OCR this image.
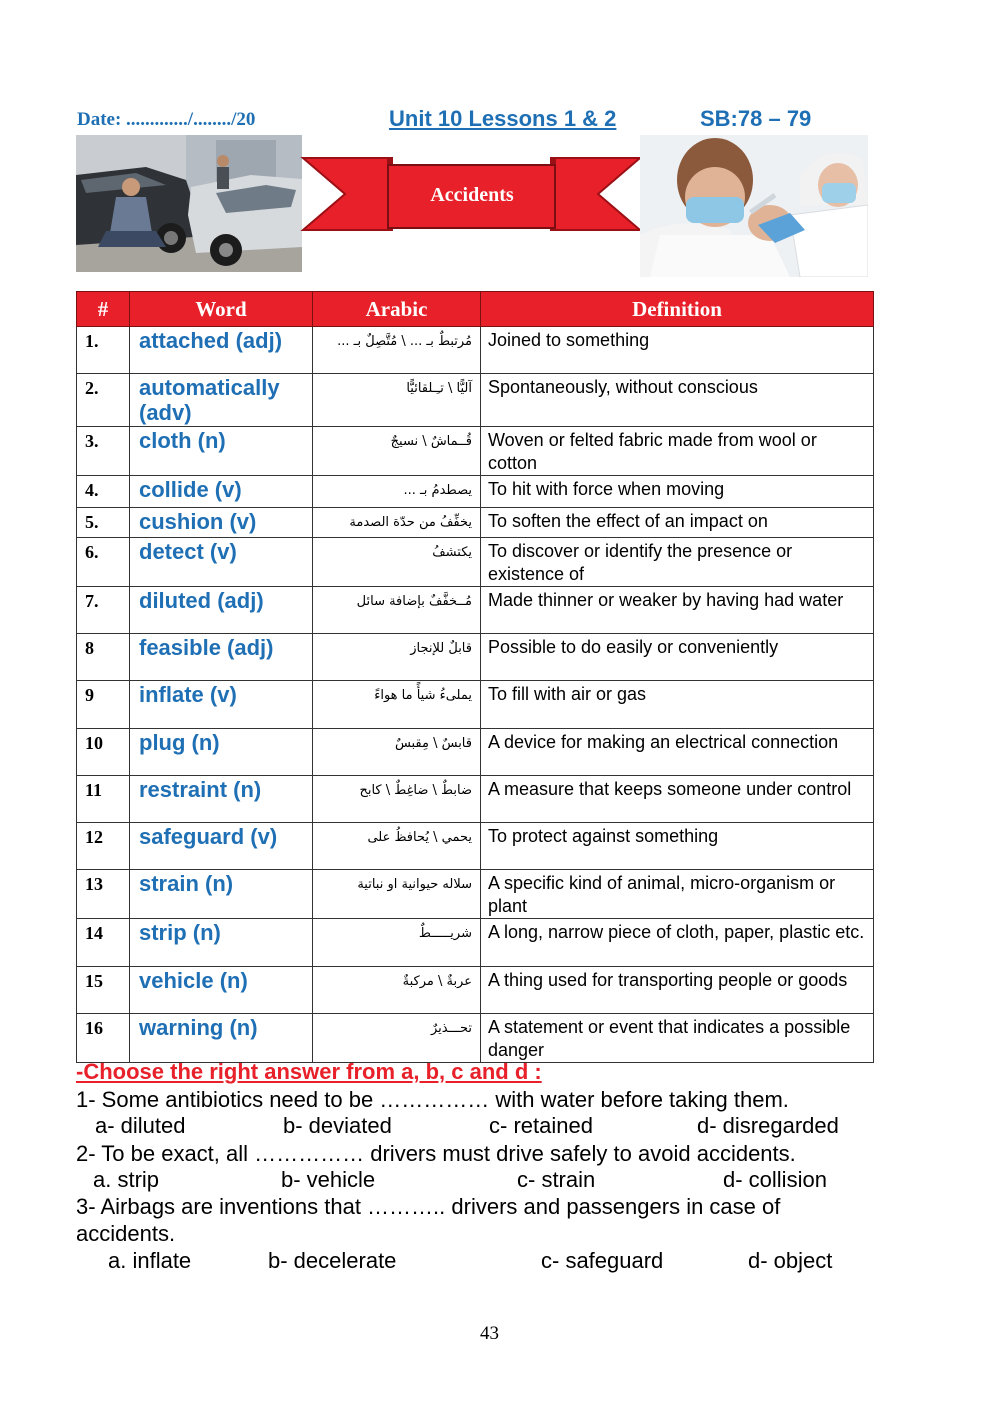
Date: ............./......../20	Unit 10 Lessons 1 & 2	SB:78 – 79
Accidents
#	Word	Arabic	Definition
1.	attached (adj)	مُرتبطٌ بـ ... \ مُتَّصِلٌ بـ ...	Joined to something
2.	automatically (adv)	آليًّا \ تـِـلقائيًّا	Spontaneously, without conscious
3.	cloth (n)	قُــماشٌ \ نسيجٌ	Woven or felted fabric made from wool or cotton
4.	collide (v)	يصطدمُ بـ ...	To hit with force when moving
5.	cushion (v)	يخفِّفُ من حدّة الصدمة	To soften the effect of an impact on
6.	detect (v)	يكتشفُ	To discover or identify the presence or existence of
7.	diluted (adj)	مُــخفَّفٌ بإضافة سائل	Made thinner or weaker by having had water
8	feasible (adj)	قابلٌ للإنجاز	Possible to do easily or conveniently
9	inflate (v)	يملىءُ شيأً ما هواءً	To fill with air or gas
10	plug (n)	قابسٌ \ مِقبسٌ	A device for making an electrical connection
11	restraint (n)	ضابطٌ \ ضاغِطٌ \ كابح	A measure that keeps someone under control
12	safeguard (v)	يحمي \ يُحافظُ على	To protect against something
13	strain (n)	سلاله حيوانية او نباتية	A specific kind of animal, micro-organism or plant
14	strip (n)	شريـــــطٌ	A long, narrow piece of cloth, paper, plastic etc.
15	vehicle (n)	عربةٌ \ مركبةٌ	A thing used for transporting people or goods
16	warning (n)	تحـــذيرٌ	A statement or event that indicates a possible danger
-Choose the right answer from a, b, c and d :
1- Some antibiotics need to be …………… with water before taking them.
a- diluted	b- deviated	c- retained	d- disregarded
2- To be exact, all …………… drivers must drive safely to avoid accidents.
a. strip	b- vehicle	c- strain	d- collision
3- Airbags are inventions that ……….. drivers and passengers in case of
accidents.
a. inflate	b- decelerate	c- safeguard	d- object
43
